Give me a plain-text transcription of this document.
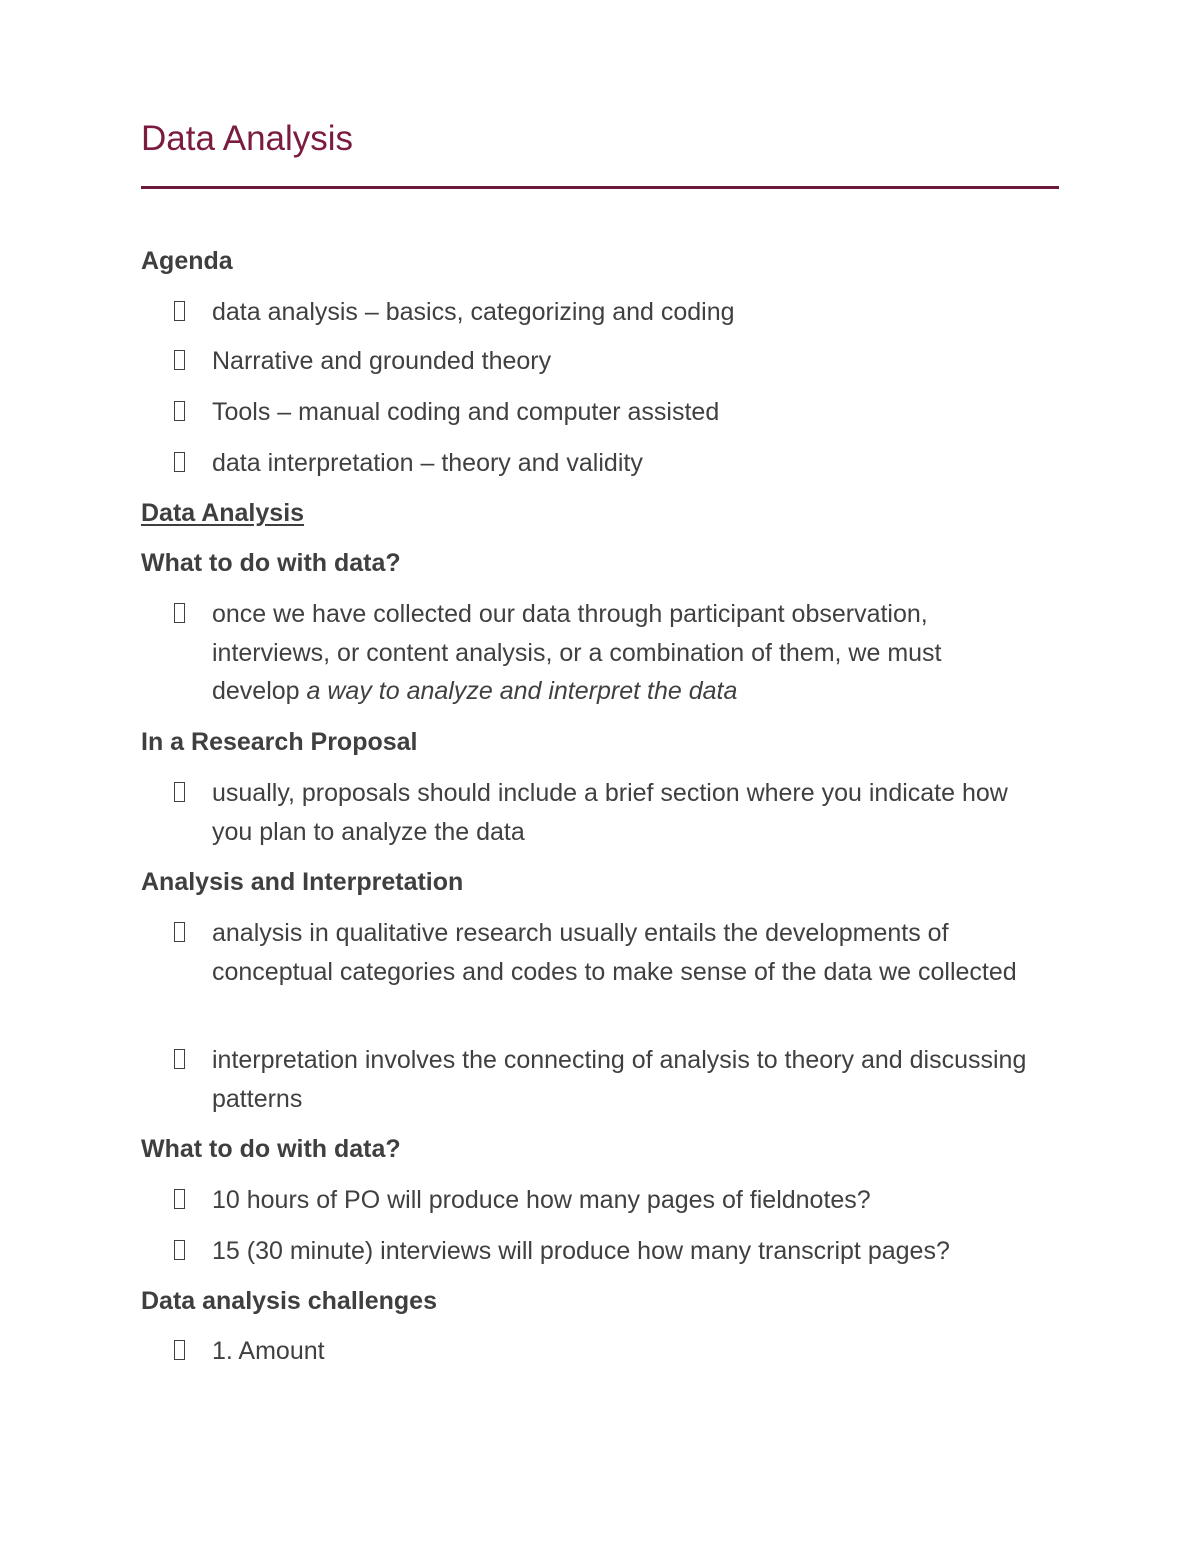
Data Analysis
Agenda
data analysis – basics, categorizing and coding
Narrative and grounded theory
Tools – manual coding and computer assisted
data interpretation – theory and validity
Data Analysis
What to do with data?
once we have collected our data through participant observation, interviews, or content analysis, or a combination of them, we must develop a way to analyze and interpret the data
In a Research Proposal
usually, proposals should include a brief section where you indicate how you plan to analyze the data
Analysis and Interpretation
analysis in qualitative research usually entails the developments of conceptual categories and codes to make sense of the data we collected
interpretation involves the connecting of analysis to theory and discussing patterns
What to do with data?
10 hours of PO will produce how many pages of fieldnotes?
15 (30 minute) interviews will produce how many transcript pages?
Data analysis challenges
1. Amount
